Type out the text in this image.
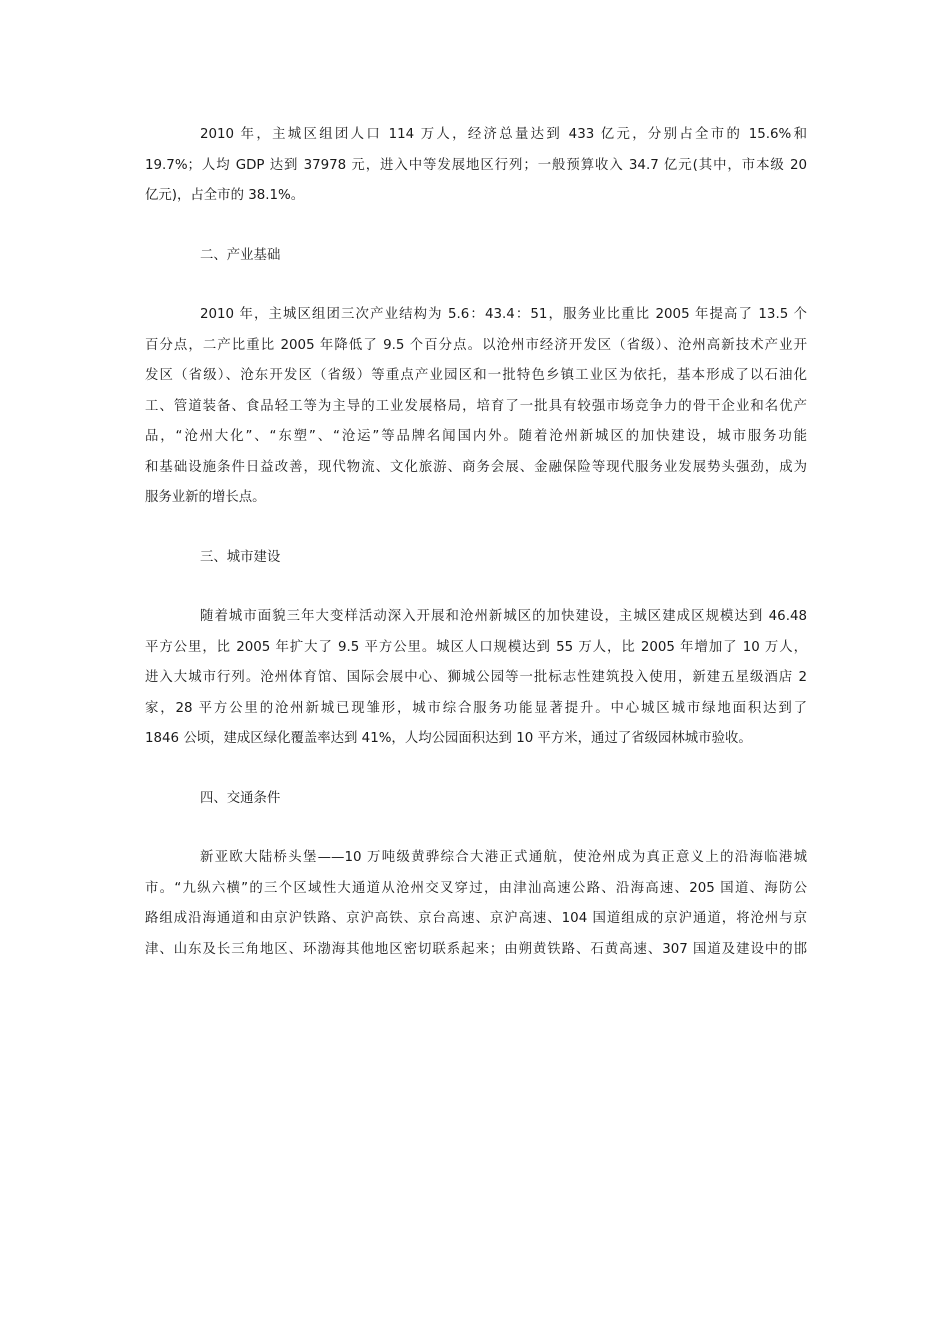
2010 年，主城区组团人口 114 万人，经济总量达到 433 亿元，分别占全市的 15.6%和
19.7%；人均 GDP 达到 37978 元，进入中等发展地区行列；一般预算收入 34.7 亿元(其中，市本级 20
亿元)，占全市的 38.1%。

二、产业基础

2010 年，主城区组团三次产业结构为 5.6：43.4：51，服务业比重比 2005 年提高了 13.5 个
百分点，二产比重比 2005 年降低了 9.5 个百分点。以沧州市经济开发区（省级）、沧州高新技术产业开
发区（省级）、沧东开发区（省级）等重点产业园区和一批特色乡镇工业区为依托，基本形成了以石油化
工、管道装备、食品轻工等为主导的工业发展格局，培育了一批具有较强市场竞争力的骨干企业和名优产
品，“沧州大化”、“东塑”、“沧运”等品牌名闻国内外。随着沧州新城区的加快建设，城市服务功能
和基础设施条件日益改善，现代物流、文化旅游、商务会展、金融保险等现代服务业发展势头强劲，成为
服务业新的增长点。

三、城市建设

随着城市面貌三年大变样活动深入开展和沧州新城区的加快建设，主城区建成区规模达到 46.48
平方公里，比 2005 年扩大了 9.5 平方公里。城区人口规模达到 55 万人，比 2005 年增加了 10 万人，
进入大城市行列。沧州体育馆、国际会展中心、狮城公园等一批标志性建筑投入使用，新建五星级酒店 2
家，28 平方公里的沧州新城已现雏形，城市综合服务功能显著提升。中心城区城市绿地面积达到了
1846 公顷，建成区绿化覆盖率达到 41%，人均公园面积达到 10 平方米，通过了省级园林城市验收。

四、交通条件

新亚欧大陆桥头堡——10 万吨级黄骅综合大港正式通航，使沧州成为真正意义上的沿海临港城
市。“九纵六横”的三个区域性大通道从沧州交叉穿过，由津汕高速公路、沿海高速、205 国道、海防公
路组成沿海通道和由京沪铁路、京沪高铁、京台高速、京沪高速、104 国道组成的京沪通道，将沧州与京
津、山东及长三角地区、环渤海其他地区密切联系起来；由朔黄铁路、石黄高速、307 国道及建设中的邯
